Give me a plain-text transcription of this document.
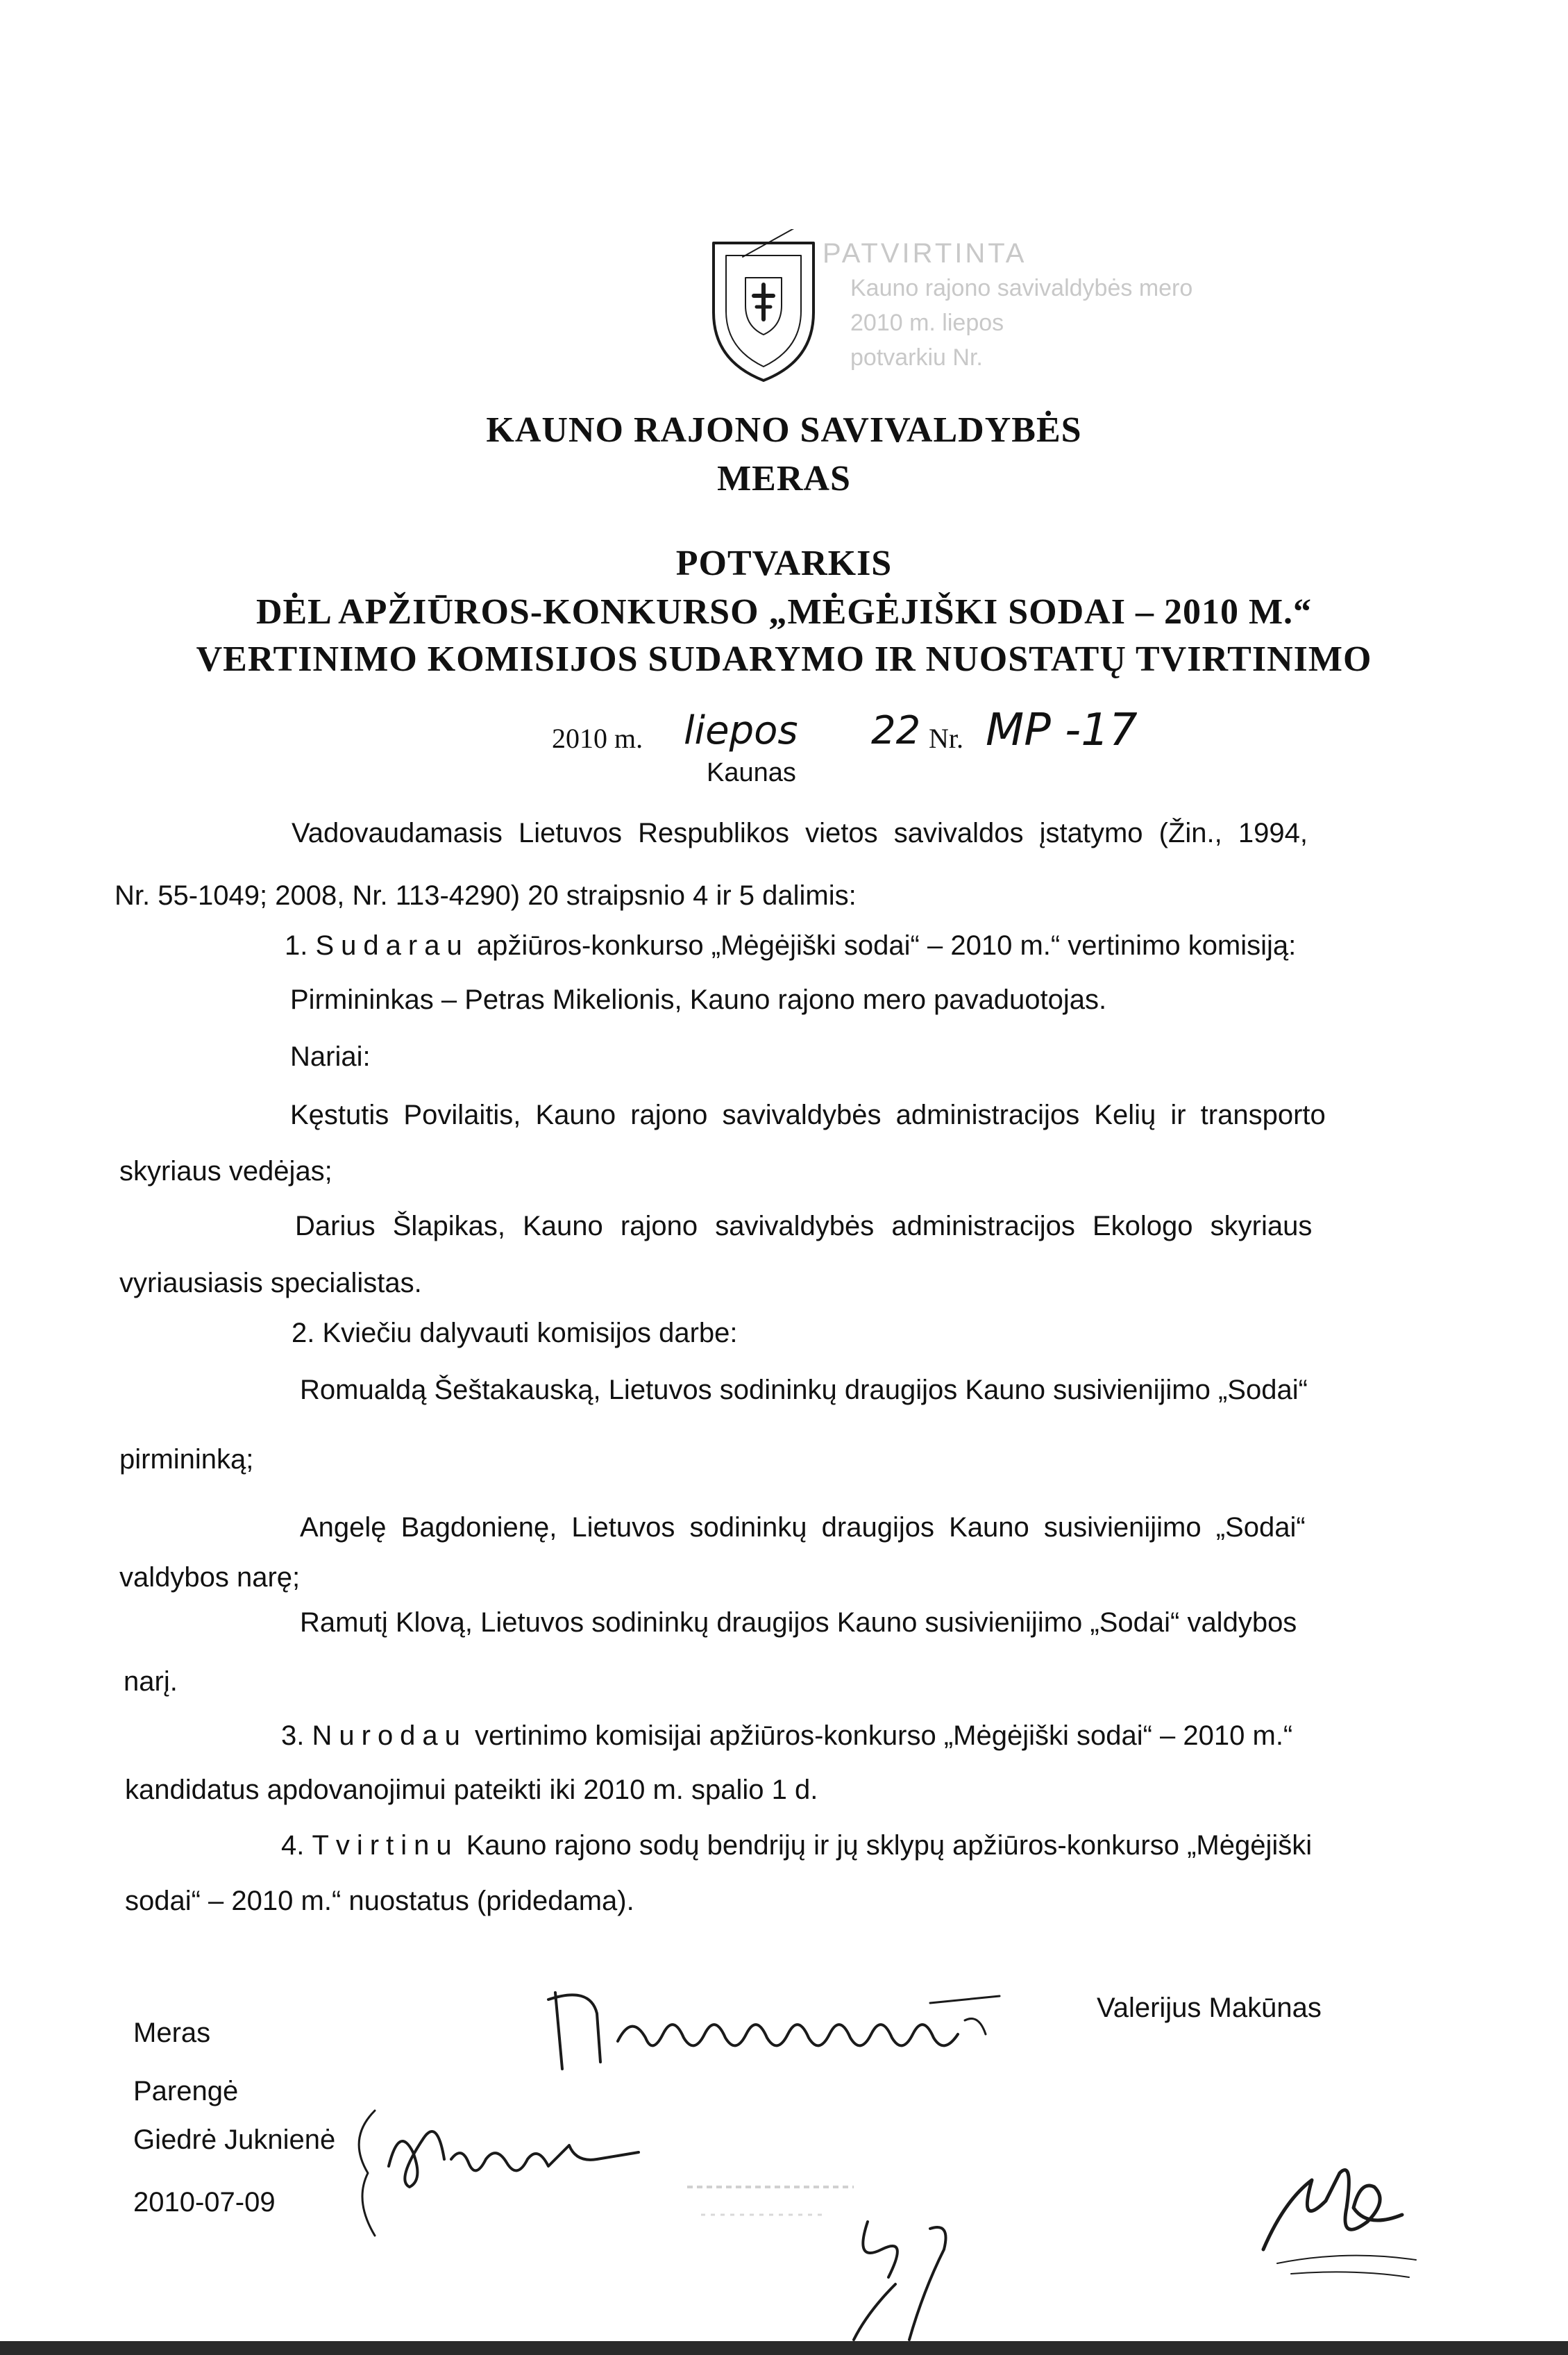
PATVIRTINTA
Kauno rajono savivaldybės mero
2010 m. liepos
potvarkiu Nr.
KAUNO RAJONO SAVIVALDYBĖS
MERAS
POTVARKIS
DĖL APŽIŪROS-KONKURSO „MĖGĖJIŠKI SODAI – 2010 M.“
VERTINIMO KOMISIJOS SUDARYMO IR NUOSTATŲ TVIRTINIMO
2010 m. liepos 22 Nr. MP -17
Kaunas
Vadovaudamasis Lietuvos Respublikos vietos savivaldos įstatymo (Žin., 1994,
Nr. 55-1049; 2008, Nr. 113-4290) 20 straipsnio 4 ir 5 dalimis:
1. Sudarau apžiūros-konkurso „Mėgėjiški sodai“ – 2010 m.“ vertinimo komisiją:
Pirmininkas – Petras Mikelionis, Kauno rajono mero pavaduotojas.
Nariai:
Kęstutis Povilaitis, Kauno rajono savivaldybės administracijos Kelių ir transporto
skyriaus vedėjas;
Darius Šlapikas, Kauno rajono savivaldybės administracijos Ekologo skyriaus
vyriausiasis specialistas.
2. Kviečiu dalyvauti komisijos darbe:
Romualdą Šeštakauską, Lietuvos sodininkų draugijos Kauno susivienijimo „Sodai“
pirmininką;
Angelę Bagdonienę, Lietuvos sodininkų draugijos Kauno susivienijimo „Sodai“
valdybos narę;
Ramutį Klovą, Lietuvos sodininkų draugijos Kauno susivienijimo „Sodai“ valdybos
narį.
3. Nurodau vertinimo komisijai apžiūros-konkurso „Mėgėjiški sodai“ – 2010 m.“
kandidatus apdovanojimui pateikti iki 2010 m. spalio 1 d.
4. Tvirtinu Kauno rajono sodų bendrijų ir jų sklypų apžiūros-konkurso „Mėgėjiški
sodai“ – 2010 m.“ nuostatus (pridedama).
Meras
Valerijus Makūnas
Parengė
Giedrė Juknienė
2010-07-09
